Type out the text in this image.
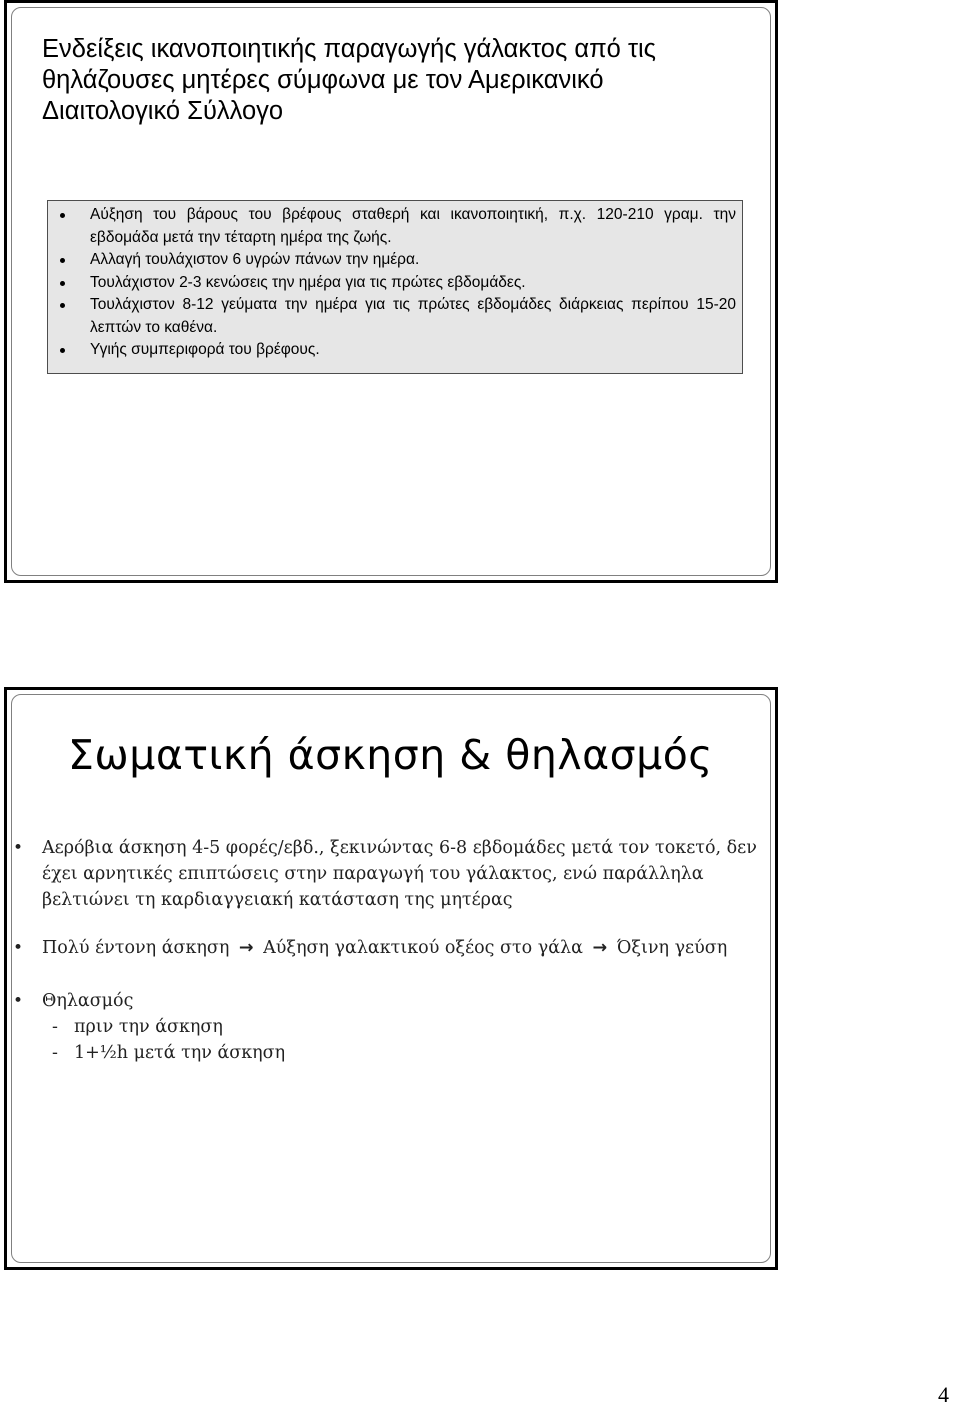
Ενδείξεις ικανοποιητικής παραγωγής γάλακτος από τις θηλάζουσες μητέρες σύμφωνα με τον Αμερικανικό Διαιτολογικό Σύλλογο
Αύξηση του βάρους του βρέφους σταθερή και ικανοποιητική, π.χ. 120-210 γραμ. την εβδομάδα μετά την τέταρτη ημέρα της ζωής.
Αλλαγή τουλάχιστον 6 υγρών πάνων την ημέρα.
Τουλάχιστον 2-3 κενώσεις την ημέρα για τις πρώτες εβδομάδες.
Τουλάχιστον 8-12 γεύματα την ημέρα για τις πρώτες εβδομάδες διάρκειας περίπου 15-20 λεπτών το καθένα.
Υγιής συμπεριφορά του βρέφους.
Σωματική άσκηση & θηλασμός
• Αερόβια άσκηση 4-5 φορές/εβδ., ξεκινώντας 6-8 εβδομάδες μετά τον τοκετό, δεν έχει αρνητικές επιπτώσεις στην παραγωγή του γάλακτος, ενώ παράλληλα βελτιώνει τη καρδιαγγειακή κατάσταση της μητέρας
• Πολύ έντονη άσκηση → Αύξηση γαλακτικού οξέος στο γάλα → Όξινη γεύση
• Θηλασμός
- πριν την άσκηση
- 1+½h μετά την άσκηση
4
